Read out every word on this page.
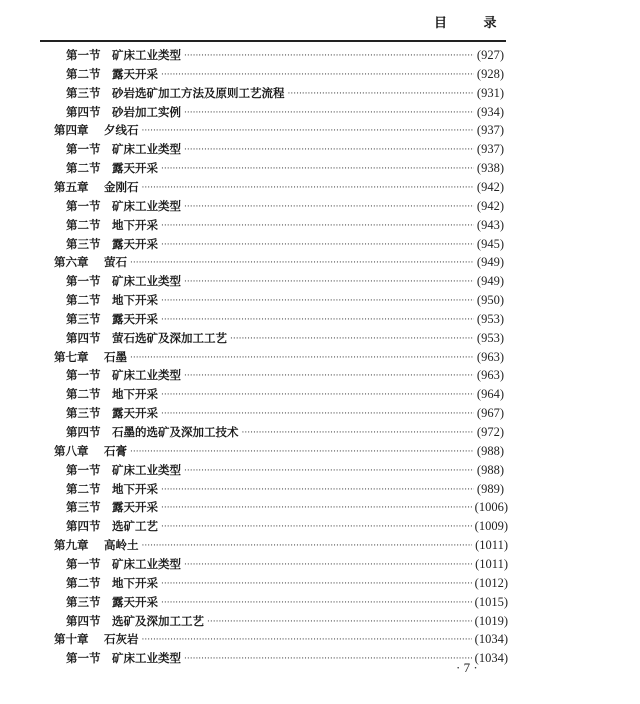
目 录
第一节	矿床工业类型 ·····	(927)
第二节	露天开采 ·····	(928)
第三节	砂岩选矿加工方法及原则工艺流程 ·····	(931)
第四节	砂岩加工实例 ·····	(934)
第四章	夕线石 ·····	(937)
第一节	矿床工业类型 ·····	(937)
第二节	露天开采 ·····	(938)
第五章	金刚石 ·····	(942)
第一节	矿床工业类型 ·····	(942)
第二节	地下开采 ·····	(943)
第三节	露天开采 ·····	(945)
第六章	萤石 ·····	(949)
第一节	矿床工业类型 ·····	(949)
第二节	地下开采 ·····	(950)
第三节	露天开采 ·····	(953)
第四节	萤石选矿及深加工工艺 ·····	(953)
第七章	石墨 ·····	(963)
第一节	矿床工业类型 ·····	(963)
第二节	地下开采 ·····	(964)
第三节	露天开采 ·····	(967)
第四节	石墨的选矿及深加工技术 ·····	(972)
第八章	石膏 ·····	(988)
第一节	矿床工业类型 ·····	(988)
第二节	地下开采 ·····	(989)
第三节	露天开采 ·····	(1006)
第四节	选矿工艺 ·····	(1009)
第九章	高岭土 ·····	(1011)
第一节	矿床工业类型 ·····	(1011)
第二节	地下开采 ·····	(1012)
第三节	露天开采 ·····	(1015)
第四节	选矿及深加工工艺 ·····	(1019)
第十章	石灰岩 ·····	(1034)
第一节	矿床工业类型 ·····	(1034)
· 7 ·
